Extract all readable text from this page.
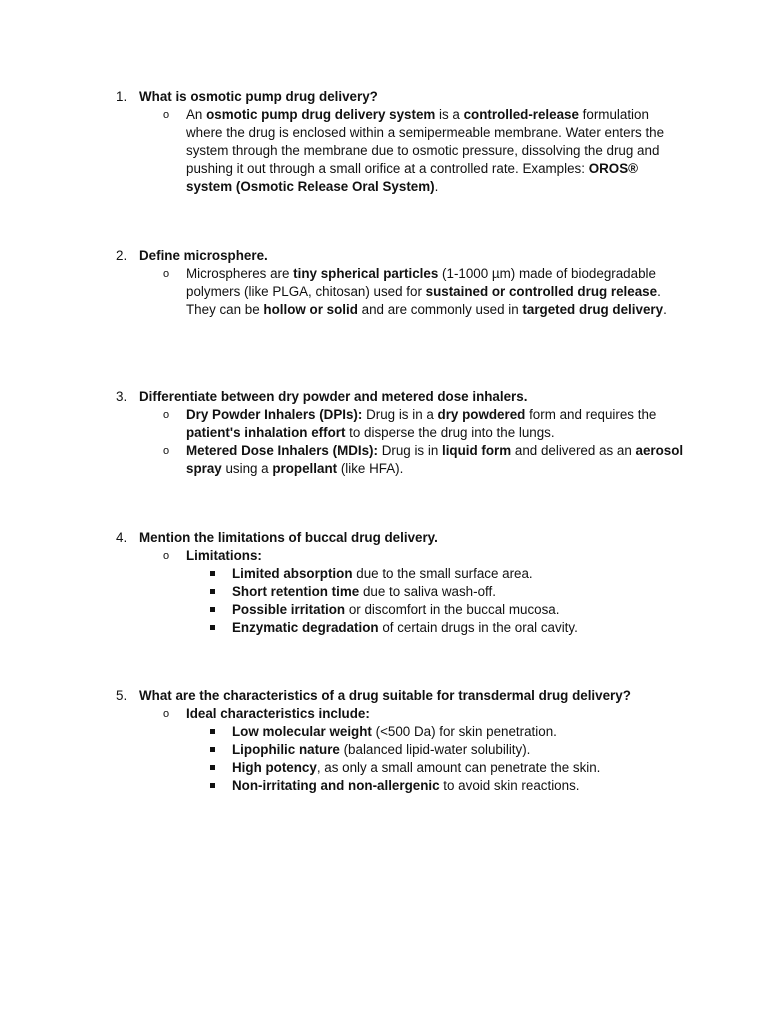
1. What is osmotic pump drug delivery?
o An osmotic pump drug delivery system is a controlled-release formulation where the drug is enclosed within a semipermeable membrane. Water enters the system through the membrane due to osmotic pressure, dissolving the drug and pushing it out through a small orifice at a controlled rate. Examples: OROS® system (Osmotic Release Oral System).
2. Define microsphere.
o Microspheres are tiny spherical particles (1-1000 µm) made of biodegradable polymers (like PLGA, chitosan) used for sustained or controlled drug release. They can be hollow or solid and are commonly used in targeted drug delivery.
3. Differentiate between dry powder and metered dose inhalers.
o Dry Powder Inhalers (DPIs): Drug is in a dry powdered form and requires the patient's inhalation effort to disperse the drug into the lungs.
o Metered Dose Inhalers (MDIs): Drug is in liquid form and delivered as an aerosol spray using a propellant (like HFA).
4. Mention the limitations of buccal drug delivery.
o Limitations:
Limited absorption due to the small surface area.
Short retention time due to saliva wash-off.
Possible irritation or discomfort in the buccal mucosa.
Enzymatic degradation of certain drugs in the oral cavity.
5. What are the characteristics of a drug suitable for transdermal drug delivery?
o Ideal characteristics include:
Low molecular weight (<500 Da) for skin penetration.
Lipophilic nature (balanced lipid-water solubility).
High potency, as only a small amount can penetrate the skin.
Non-irritating and non-allergenic to avoid skin reactions.
